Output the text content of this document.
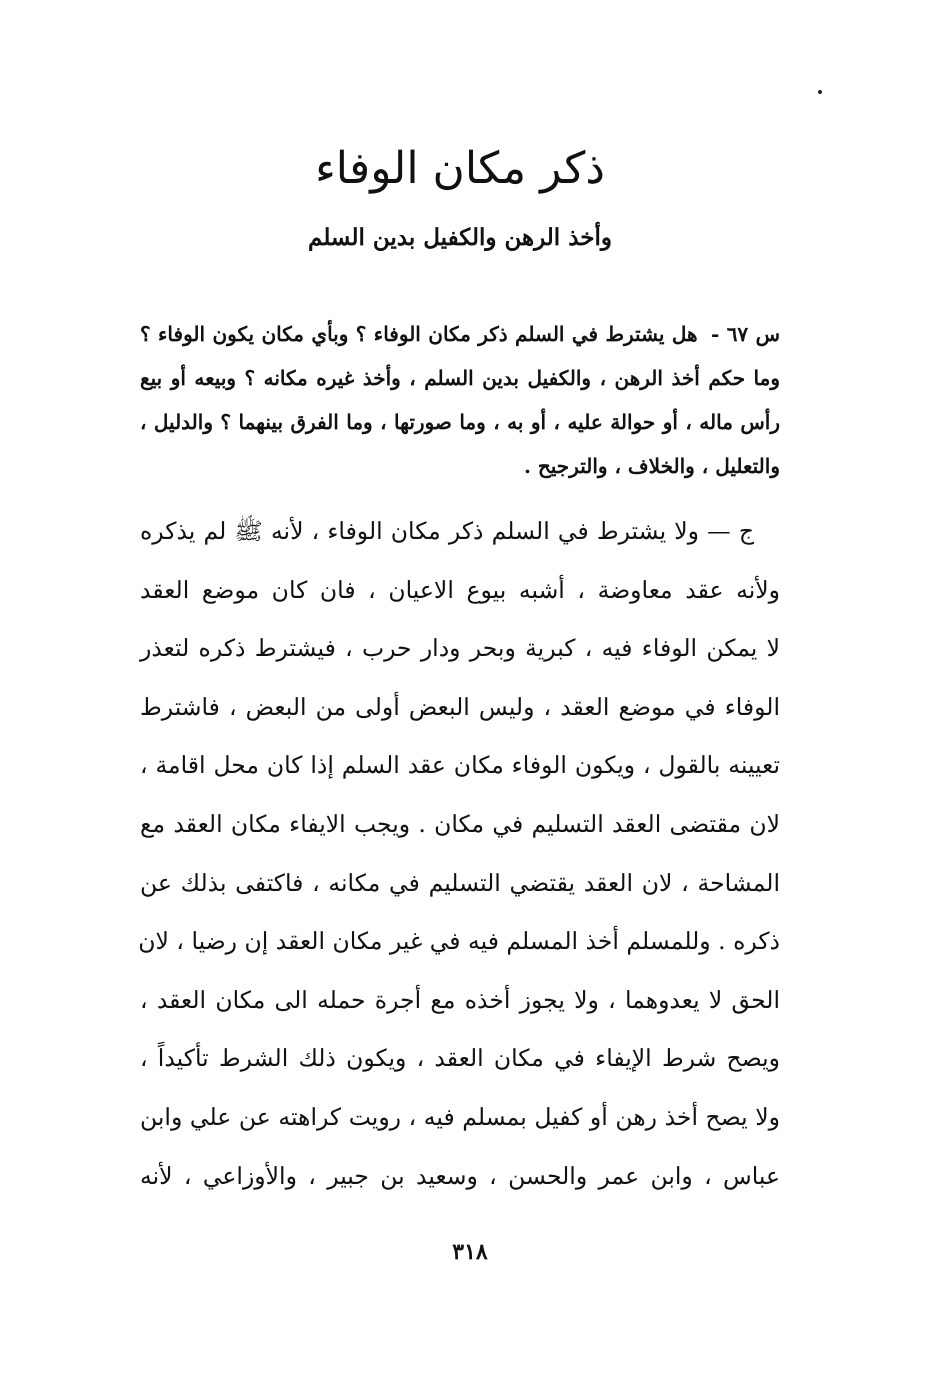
ذكر مكان الوفاء
وأخذ الرهن والكفيل بدين السلم

س ٦٧ - هل يشترط في السلم ذكر مكان الوفاء ؟ وبأي مكان يكون الوفاء ؟ وما حكم أخذ الرهن ، والكفيل بدين السلم ، وأخذ غيره مكانه ؟ وبيعه أو بيع رأس ماله ، أو حوالة عليه ، أو به ، وما صورتها ، وما الفرق بينهما ؟ والدليل ، والتعليل ، والخلاف ، والترجيح .

ج — ولا يشترط في السلم ذكر مكان الوفاء ، لأنه ﷺ لم يذكره
ولأنه عقد معاوضة ، أشبه بيوع الاعيان ، فان كان موضع العقد
لا يمكن الوفاء فيه ، كبرية وبحر ودار حرب ، فيشترط ذكره لتعذر
الوفاء في موضع العقد ، وليس البعض أولى من البعض ، فاشترط
تعيينه بالقول ، ويكون الوفاء مكان عقد السلم إذا كان محل اقامة ،
لان مقتضى العقد التسليم في مكان . ويجب الايفاء مكان العقد مع
المشاحة ، لان العقد يقتضي التسليم في مكانه ، فاكتفى بذلك عن
ذكره . وللمسلم أخذ المسلم فيه في غير مكان العقد إن رضيا ، لان
الحق لا يعدوهما ، ولا يجوز أخذه مع أجرة حمله الى مكان العقد ،
ويصح شرط الإيفاء في مكان العقد ، ويكون ذلك الشرط تأكيداً ،
ولا يصح أخذ رهن أو كفيل بمسلم فيه ، رويت كراهته عن علي وابن
عباس ، وابن عمر والحسن ، وسعيد بن جبير ، والأوزاعي ، لأنه
٣١٨
